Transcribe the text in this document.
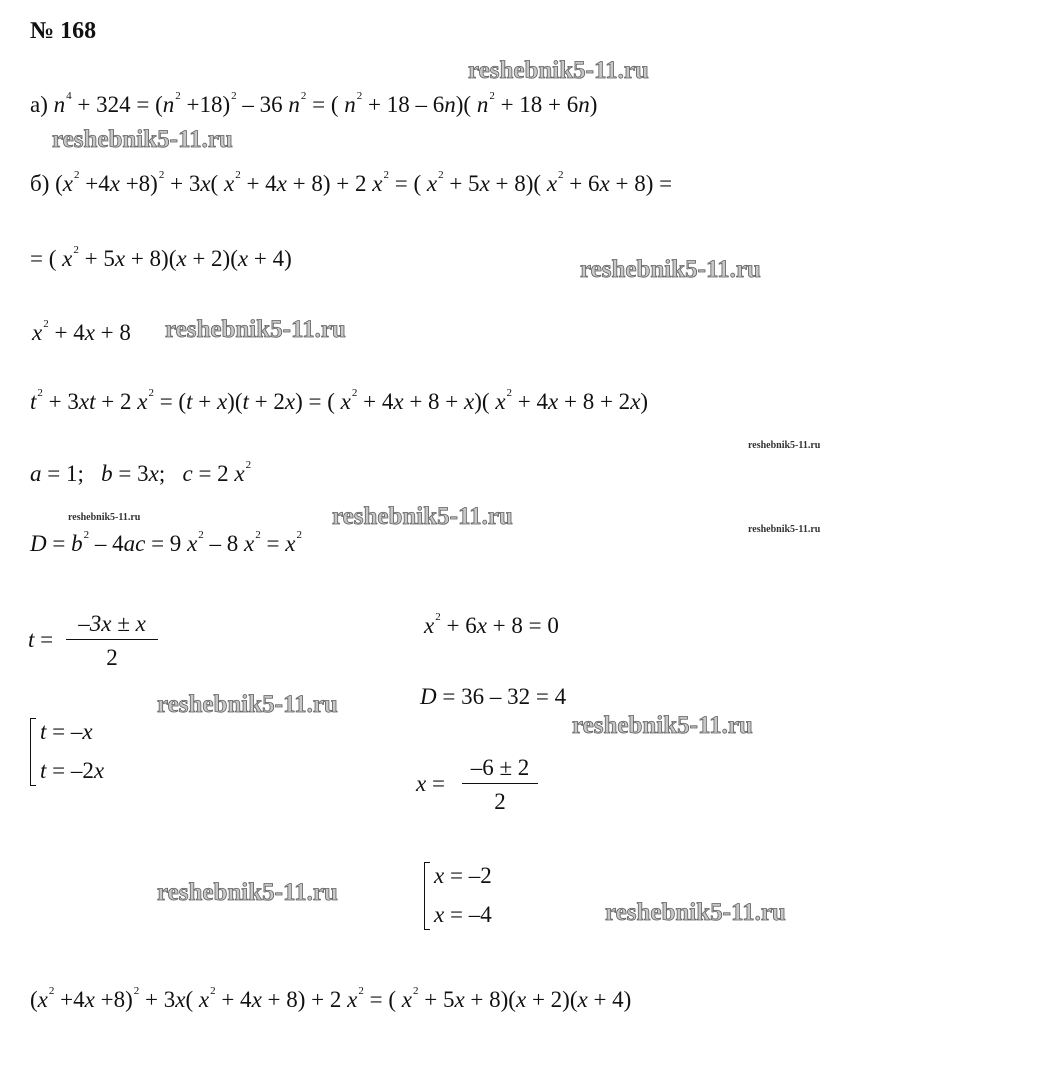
№ 168
reshebnik5-11.ru
reshebnik5-11.ru
reshebnik5-11.ru
reshebnik5-11.ru
reshebnik5-11.ru
reshebnik5-11.ru	reshebnik5-11.ru	reshebnik5-11.ru
reshebnik5-11.ru
reshebnik5-11.ru
reshebnik5-11.ru
reshebnik5-11.ru
а) $n^4 + 324 = (n^2 +18)^2 - 36$ $n^2$ = ( $n^2 + 18 - 6n$)( $n^2 + 18 + 6n$)
б) $(x^2 +4x +8)^2 + 3x$( $x^2 + 4x + 8) + 2$ $x^2$ = ( $x^2 + 5x + 8$)( $x^2 + 6x + 8$) =
= ( $x^2 + 5x + 8)(x + 2)(x + 4)$
$x^2 + 4x + 8$
$t^2 + 3xt + 2$ $x^2 = (t + x)(t + 2x)$ = ( $x^2 + 4x + 8 + x$)( $x^2 + 4x + 8 + 2x$)
a = 1;   b = 3x;   c = 2 $x^2$
$D = b^2 - 4ac = 9$ $x^2 - 8$ $x^2 = x^2$
t =
–3x ± x
2
t = –x
t = –2x
$x^2 + 6x + 8 = 0$
D = 36 – 32 = 4
x =
–6 ± 2
2
x = –2
x = –4
$(x^2 +4x +8)^2 + 3x$( $x^2 + 4x + 8) + 2$ $x^2$ = ( $x^2 + 5x + 8)(x + 2)(x + 4)$
